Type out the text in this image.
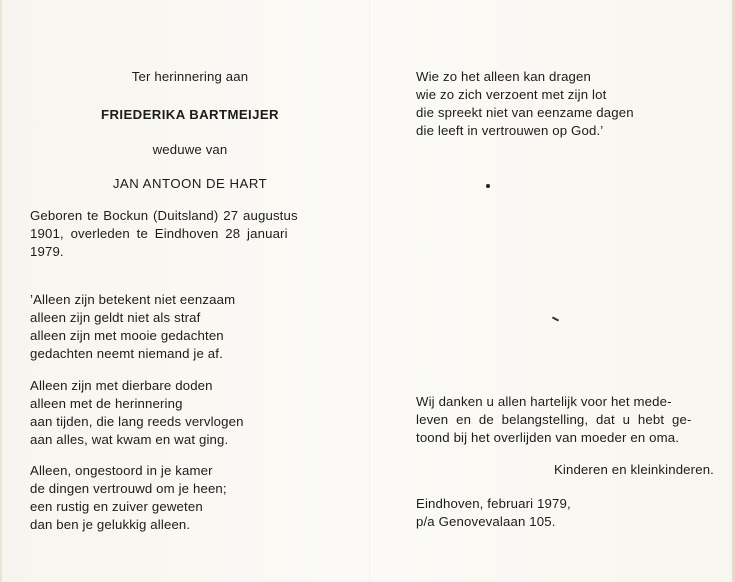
Ter herinnering aan
FRIEDERIKA BARTMEIJER
weduwe van
JAN ANTOON DE HART
Geboren te Bockun (Duitsland) 27 augustus
1901, overleden te Eindhoven 28 januari
1979.
’Alleen zijn betekent niet eenzaam
alleen zijn geldt niet als straf
alleen zijn met mooie gedachten
gedachten neemt niemand je af.
Alleen zijn met dierbare doden
alleen met de herinnering
aan tijden, die lang reeds vervlogen
aan alles, wat kwam en wat ging.
Alleen, ongestoord in je kamer
de dingen vertrouwd om je heen;
een rustig en zuiver geweten
dan ben je gelukkig alleen.
Wie zo het alleen kan dragen
wie zo zich verzoent met zijn lot
die spreekt niet van eenzame dagen
die leeft in vertrouwen op God.’
Wij danken u allen hartelijk voor het mede-
leven en de belangstelling, dat u hebt ge-
toond bij het overlijden van moeder en oma.
Kinderen en kleinkinderen.
Eindhoven, februari 1979,
p/a Genovevalaan 105.
